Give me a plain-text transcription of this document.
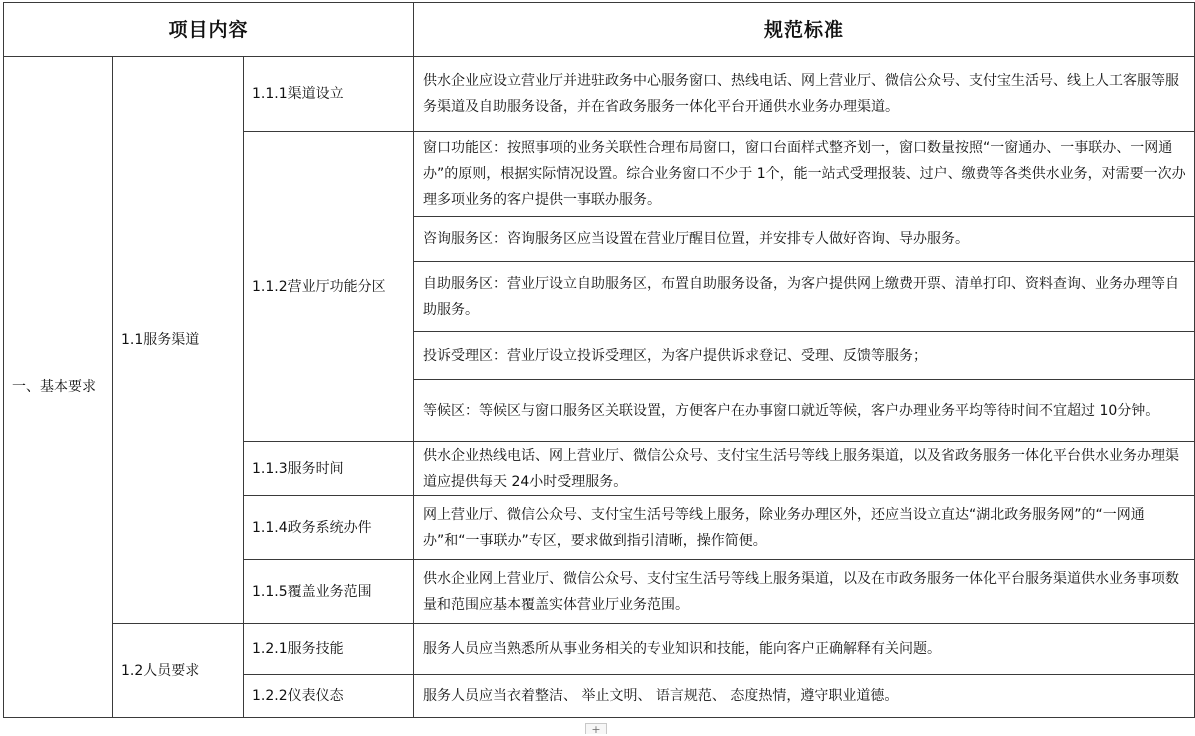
项目内容			规范标准
一、基本要求	1.1服务渠道	1.1.1渠道设立	供水企业应设立营业厅并进驻政务中心服务窗口、热线电话、网上营业厅、微信公众号、支付宝生活号、线上人工客服等服务渠道及自助服务设备，并在省政务服务一体化平台开通供水业务办理渠道。
		1.1.2营业厅功能分区	窗口功能区：按照事项的业务关联性合理布局窗口，窗口台面样式整齐划一，窗口数量按照“一窗通办、一事联办、一网通办”的原则，根据实际情况设置。综合业务窗口不少于 1个，能一站式受理报装、过户、缴费等各类供水业务，对需要一次办理多项业务的客户提供一事联办服务。
			咨询服务区：咨询服务区应当设置在营业厅醒目位置，并安排专人做好咨询、导办服务。
			自助服务区：营业厅设立自助服务区，布置自助服务设备，为客户提供网上缴费开票、清单打印、资料查询、业务办理等自助服务。
			投诉受理区：营业厅设立投诉受理区，为客户提供诉求登记、受理、反馈等服务；
			等候区：等候区与窗口服务区关联设置，方便客户在办事窗口就近等候，客户办理业务平均等待时间不宜超过 10分钟。
		1.1.3服务时间	供水企业热线电话、网上营业厅、微信公众号、支付宝生活号等线上服务渠道，以及省政务服务一体化平台供水业务办理渠道应提供每天 24小时受理服务。
		1.1.4政务系统办件	网上营业厅、微信公众号、支付宝生活号等线上服务，除业务办理区外，还应当设立直达“湖北政务服务网”的“一网通办”和“一事联办”专区，要求做到指引清晰，操作简便。
		1.1.5覆盖业务范围	供水企业网上营业厅、微信公众号、支付宝生活号等线上服务渠道，以及在市政务服务一体化平台服务渠道供水业务事项数量和范围应基本覆盖实体营业厅业务范围。
	1.2人员要求	1.2.1服务技能	服务人员应当熟悉所从事业务相关的专业知识和技能，能向客户正确解释有关问题。
		1.2.2仪表仪态	服务人员应当衣着整洁、 举止文明、 语言规范、 态度热情，遵守职业道德。
+
